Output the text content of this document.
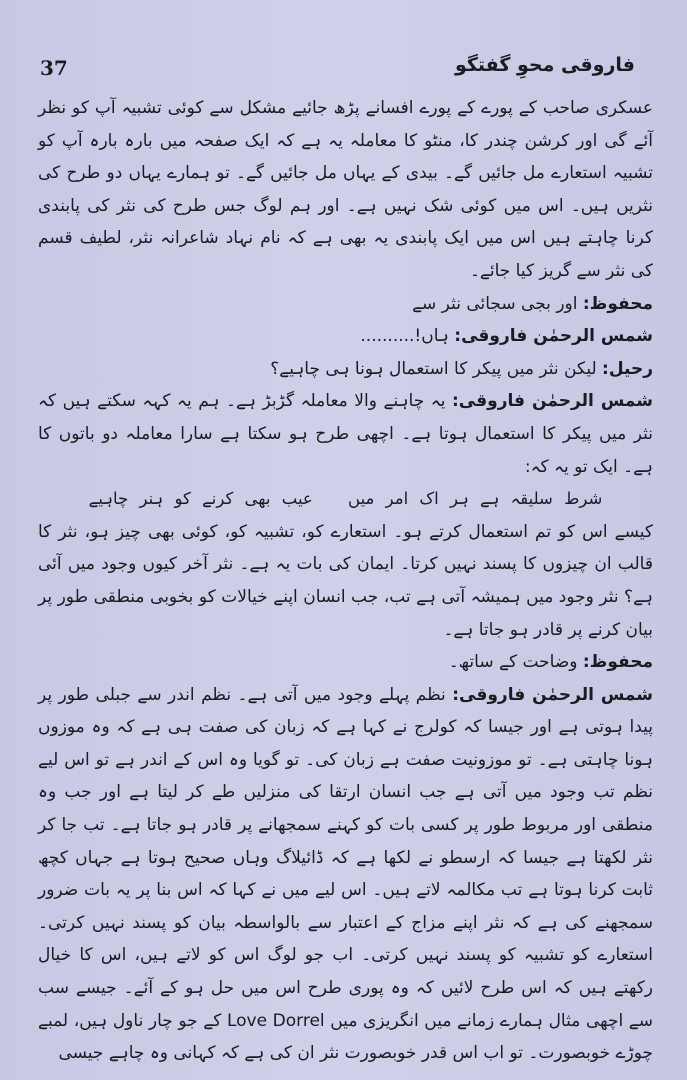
37	فاروقی محوِ گفتگو

عسکری صاحب کے پورے کے پورے افسانے پڑھ جائیے مشکل سے کوئی تشبیہ آپ کو نظر آئے گی اور کرشن چندر کا، منٹو کا معاملہ یہ ہے کہ ایک صفحہ میں بارہ بارہ آپ کو تشبیہ استعارے مل جائیں گے۔ بیدی کے یہاں مل جائیں گے۔ تو ہمارے یہاں دو طرح کی نثریں ہیں۔ اس میں کوئی شک نہیں ہے۔ اور ہم لوگ جس طرح کی نثر کی پابندی کرنا چاہتے ہیں اس میں ایک پابندی یہ بھی ہے کہ نام نہاد شاعرانہ نثر، لطیف قسم کی نثر سے گریز کیا جائے۔

محفوظ: اور بجی سجائی نثر سے

شمس الرحمٰن فاروقی: ہاں!..........

رحیل: لیکن نثر میں پیکر کا استعمال ہونا ہی چاہیے؟

شمس الرحمٰن فاروقی: یہ چاہنے والا معاملہ گڑبڑ ہے۔ ہم یہ کہہ سکتے ہیں کہ نثر میں پیکر کا استعمال ہوتا ہے۔ اچھی طرح ہو سکتا ہے سارا معاملہ دو باتوں کا ہے۔ ایک تو یہ کہ:

شرط سلیقہ ہے ہر اک امر میں عیب بھی کرنے کو ہنر چاہیے

کیسے اس کو تم استعمال کرتے ہو۔ استعارے کو، تشبیہ کو، کوئی بھی چیز ہو، نثر کا قالب ان چیزوں کا پسند نہیں کرتا۔ ایمان کی بات یہ ہے۔ نثر آخر کیوں وجود میں آئی ہے؟ نثر وجود میں ہمیشہ آتی ہے تب، جب انسان اپنے خیالات کو بخوبی منطقی طور پر بیان کرنے پر قادر ہو جاتا ہے۔

محفوظ: وضاحت کے ساتھ۔

شمس الرحمٰن فاروقی: نظم پہلے وجود میں آتی ہے۔ نظم اندر سے جبلی طور پر پیدا ہوتی ہے اور جیسا کہ کولرج نے کہا ہے کہ زبان کی صفت ہی ہے کہ وہ موزوں ہونا چاہتی ہے۔ تو موزونیت صفت ہے زبان کی۔ تو گویا وہ اس کے اندر ہے تو اس لیے نظم تب وجود میں آتی ہے جب انسان ارتقا کی منزلیں طے کر لیتا ہے اور جب وہ منطقی اور مربوط طور پر کسی بات کو کہنے سمجھانے پر قادر ہو جاتا ہے۔ تب جا کر نثر لکھتا ہے جیسا کہ ارسطو نے لکھا ہے کہ ڈائیلاگ وہاں صحیح ہوتا ہے جہاں کچھ ثابت کرنا ہوتا ہے تب مکالمہ لاتے ہیں۔ اس لیے میں نے کہا کہ اس بنا پر یہ بات ضرور سمجھنے کی ہے کہ نثر اپنے مزاج کے اعتبار سے بالواسطہ بیان کو پسند نہیں کرتی۔ استعارے کو تشبیہ کو پسند نہیں کرتی۔ اب جو لوگ اس کو لاتے ہیں، اس کا خیال رکھتے ہیں کہ اس طرح لائیں کہ وہ پوری طرح اس میں حل ہو کے آئے۔ جیسے سب سے اچھی مثال ہمارے زمانے میں انگریزی میں Love Dorrel کے جو چار ناول ہیں، لمبے چوڑے خوبصورت۔ تو اب اس قدر خوبصورت نثر ان کی ہے کہ کہانی وہ چاہے جیسی
